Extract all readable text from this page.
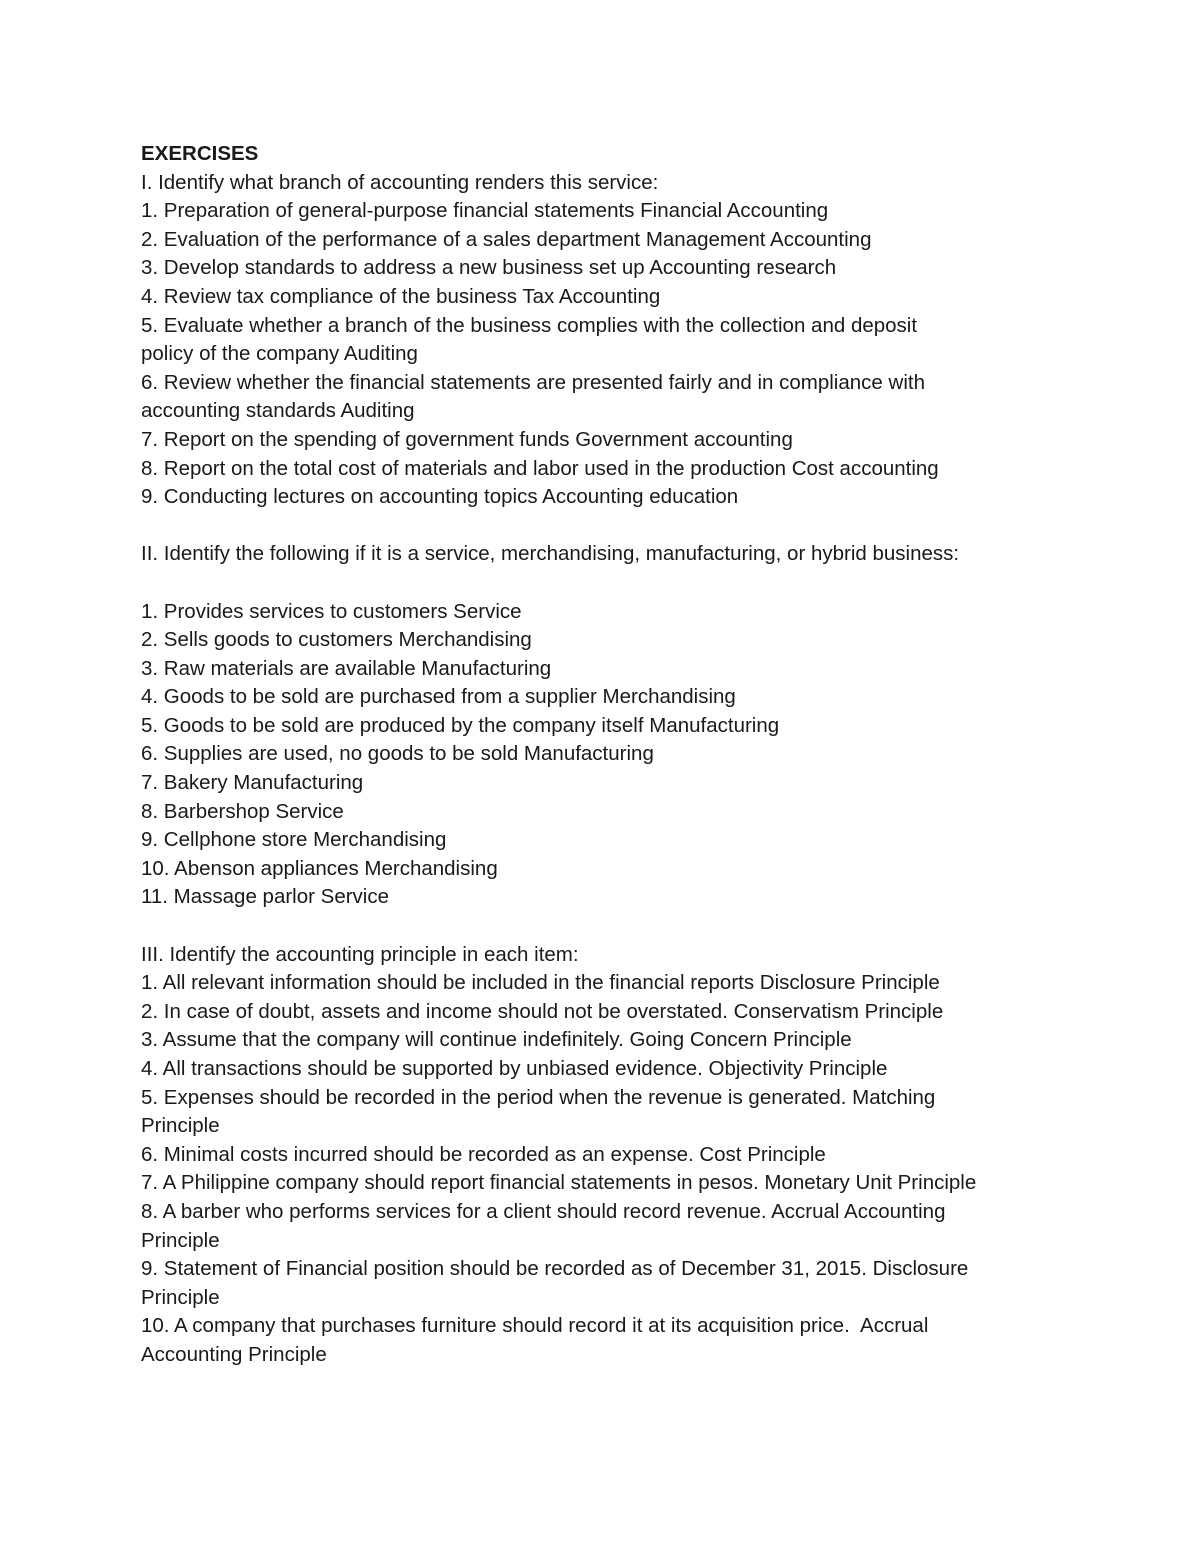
EXERCISES

I. Identify what branch of accounting renders this service:

1. Preparation of general-purpose financial statements Financial Accounting

2. Evaluation of the performance of a sales department Management Accounting

3. Develop standards to address a new business set up Accounting research

4. Review tax compliance of the business Tax Accounting

5. Evaluate whether a branch of the business complies with the collection and deposit

policy of the company Auditing

6. Review whether the financial statements are presented fairly and in compliance with

accounting standards Auditing

7. Report on the spending of government funds Government accounting

8. Report on the total cost of materials and labor used in the production Cost accounting

9. Conducting lectures on accounting topics Accounting education

II. Identify the following if it is a service, merchandising, manufacturing, or hybrid business:

1. Provides services to customers Service

2. Sells goods to customers Merchandising

3. Raw materials are available Manufacturing

4. Goods to be sold are purchased from a supplier Merchandising

5. Goods to be sold are produced by the company itself Manufacturing

6. Supplies are used, no goods to be sold Manufacturing

7. Bakery Manufacturing

8. Barbershop Service

9. Cellphone store Merchandising

10. Abenson appliances Merchandising

11. Massage parlor Service

III. Identify the accounting principle in each item:

1. All relevant information should be included in the financial reports Disclosure Principle

2. In case of doubt, assets and income should not be overstated. Conservatism Principle

3. Assume that the company will continue indefinitely. Going Concern Principle

4. All transactions should be supported by unbiased evidence. Objectivity Principle

5. Expenses should be recorded in the period when the revenue is generated. Matching

Principle

6. Minimal costs incurred should be recorded as an expense. Cost Principle

7. A Philippine company should report financial statements in pesos. Monetary Unit Principle

8. A barber who performs services for a client should record revenue. Accrual Accounting

Principle

9. Statement of Financial position should be recorded as of December 31, 2015. Disclosure

Principle

10. A company that purchases furniture should record it at its acquisition price.  Accrual

Accounting Principle
